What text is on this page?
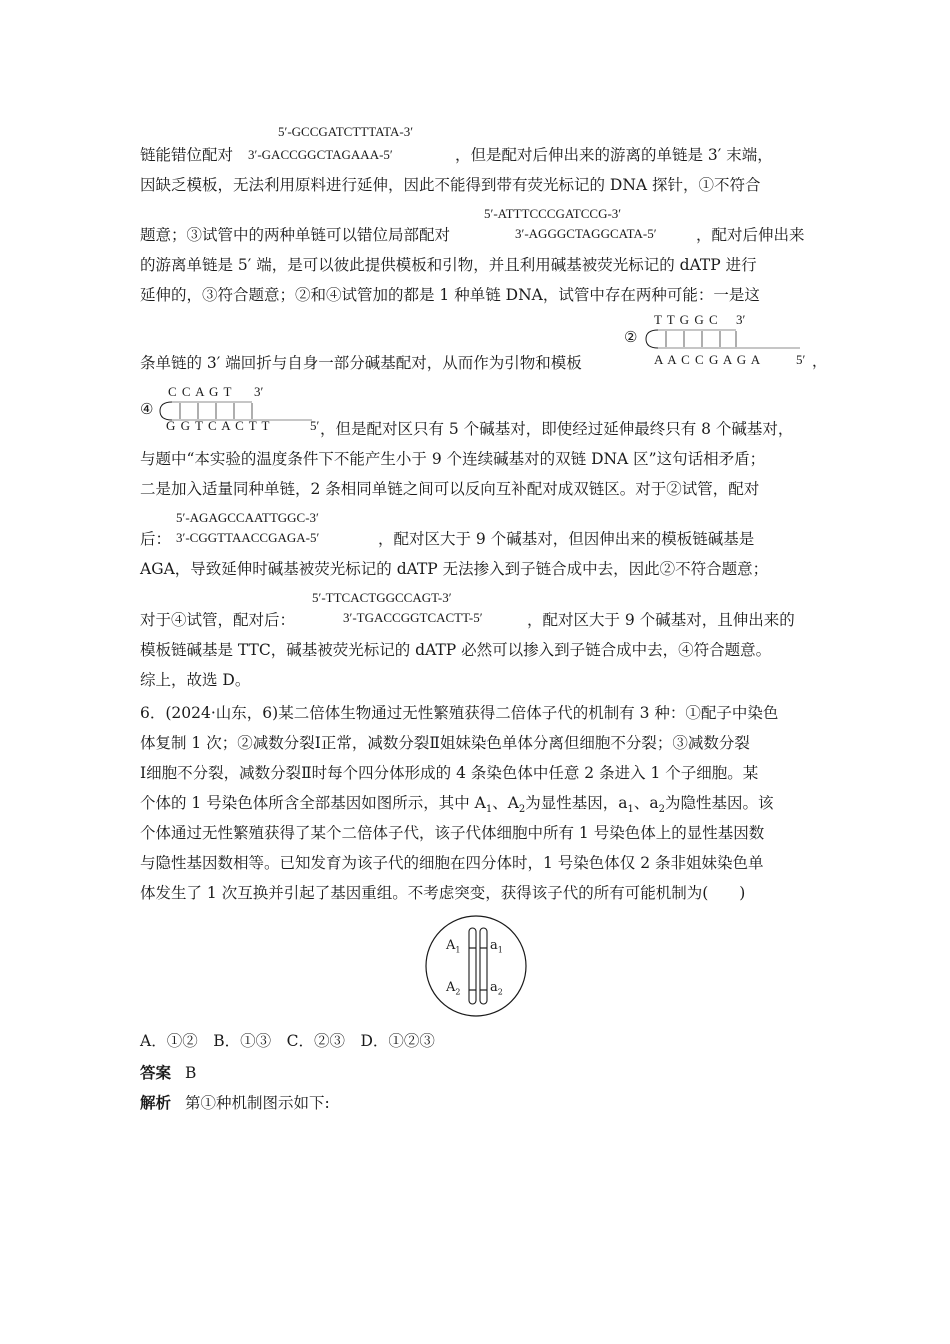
5′-GCCGATCTTTATA-3′
链能错位配对 3′-GACCGGCTAGAAA-5′	，但是配对后伸出来的游离的单链是 3′ 末端，
因缺乏模板，无法利用原料进行延伸，因此不能得到带有荧光标记的 DNA 探针，①不符合
5′-ATTTCCCGATCCG-3′
题意；③试管中的两种单链可以错位局部配对	3′-AGGGCTAGGCATA-5′	，配对后伸出来
的游离单链是 5′ 端，是可以彼此提供模板和引物，并且利用碱基被荧光标记的 dATP 进行
延伸的，③符合题意；②和④试管加的都是 1 种单链 DNA，试管中存在两种可能：一是这
②
T T G G C 3′
A A C C G A G A	5′ ，
条单链的 3′ 端回折与自身一部分碱基配对，从而作为引物和模板
④
C C A G T 3′
G G T C A C T T	5′ ，但是配对区只有 5 个碱基对，即使经过延伸最终只有 8 个碱基对，
与题中“本实验的温度条件下不能产生小于 9 个连续碱基对的双链 DNA 区”这句话相矛盾；
二是加入适量同种单链，2 条相同单链之间可以反向互补配对成双链区。对于②试管，配对
5′-AGAGCCAATTGGC-3′
后： 3′-CGGTTAACCGAGA-5′	，配对区大于 9 个碱基对，但因伸出来的模板链碱基是
AGA，导致延伸时碱基被荧光标记的 dATP 无法掺入到子链合成中去，因此②不符合题意；
5′-TTCACTGGCCAGT-3′
对于④试管，配对后：	3′-TGACCGGTCACTT-5′	，配对区大于 9 个碱基对，且伸出来的
模板链碱基是 TTC，碱基被荧光标记的 dATP 必然可以掺入到子链合成中去，④符合题意。
综上，故选 D。
6．(2024·山东，6)某二倍体生物通过无性繁殖获得二倍体子代的机制有 3 种：①配子中染色
体复制 1 次；②减数分裂Ⅰ正常，减数分裂Ⅱ姐妹染色单体分离但细胞不分裂；③减数分裂
Ⅰ细胞不分裂，减数分裂Ⅱ时每个四分体形成的 4 条染色体中任意 2 条进入 1 个子细胞。某
个体的 1 号染色体所含全部基因如图所示，其中 $A_1$、$A_2$为显性基因，$a_1$、$a_2$为隐性基因。该
个体通过无性繁殖获得了某个二倍体子代，该子代体细胞中所有 1 号染色体上的显性基因数
与隐性基因数相等。已知发育为该子代的细胞在四分体时，1 号染色体仅 2 条非姐妹染色单
体发生了 1 次互换并引起了基因重组。不考虑突变，获得该子代的所有可能机制为(　　)
$A_1$ $a_1$
$A_2$ $a_2$
A．①②　B．①③　C．②③　D．①②③
答案 B
解析 第①种机制图示如下:
